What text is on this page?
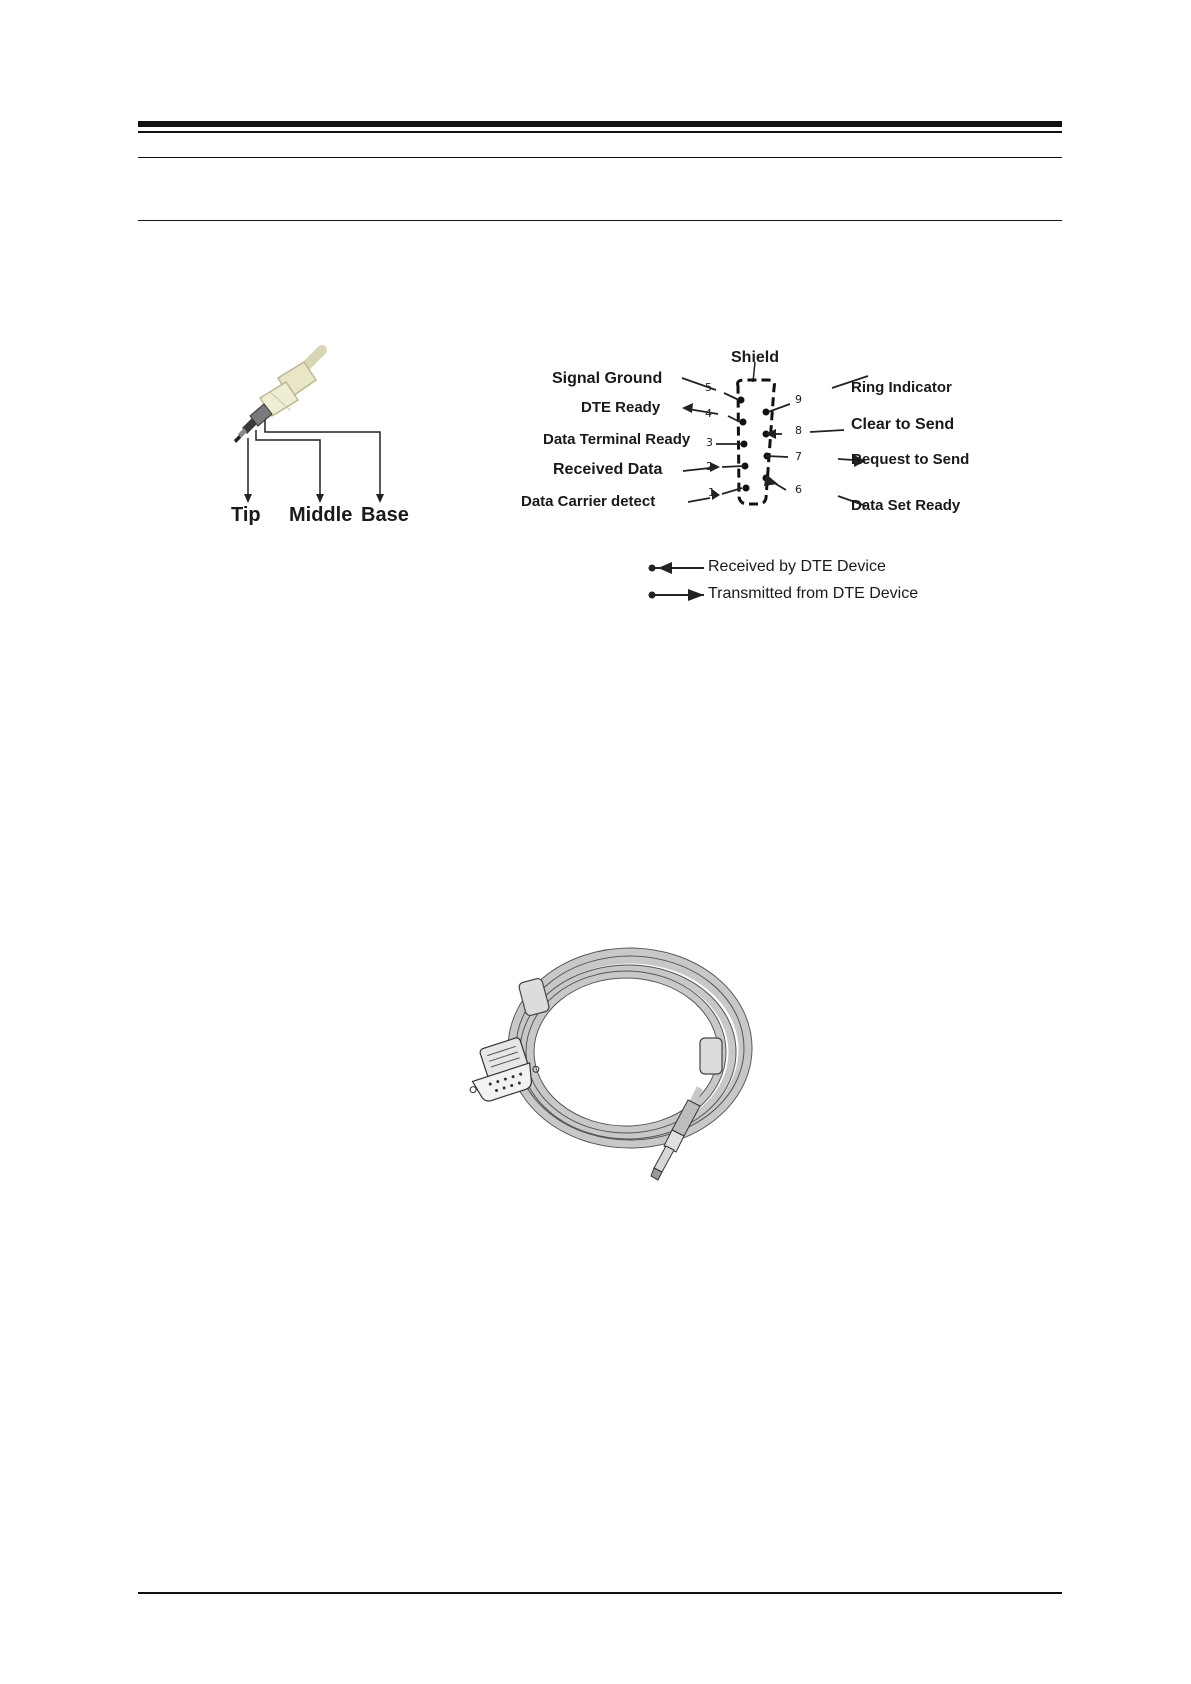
Tip Middle Base
5
4
3
2
1
9
8
7
6
Shield
Signal Ground
DTE Ready
Data Terminal Ready
Received Data
Data Carrier detect
Ring Indicator
Clear to Send
Request to Send
Data Set Ready
Received by DTE Device
Transmitted from DTE Device
